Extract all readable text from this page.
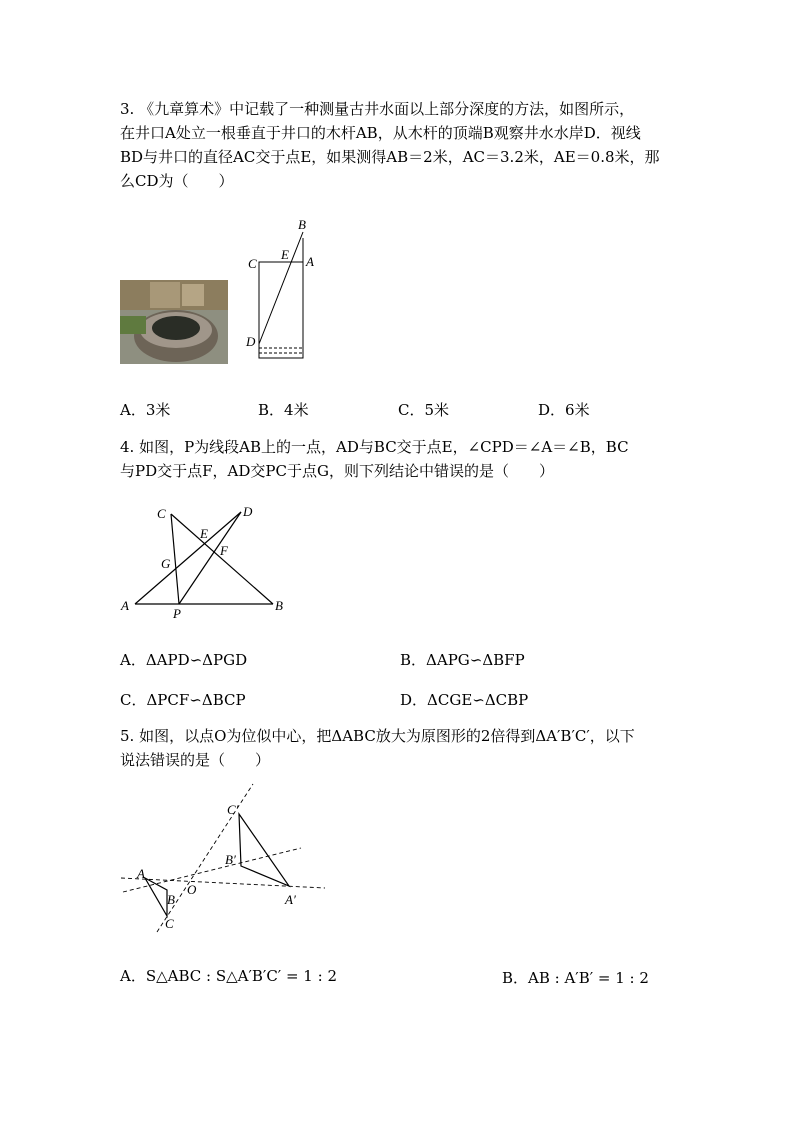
3. 《九章算术》中记载了一种测量古井水面以上部分深度的方法，如图所示，
在井口A处立一根垂直于井口的木杆AB，从木杆的顶端B观察井水水岸D．视线
BD与井口的直径AC交于点E，如果测得AB＝2米，AC＝3.2米，AE＝0.8米，那
么CD为（　　）
B
C
E A
D
A．3米	B．4米	C．5米	D．6米
4. 如图，P为线段AB上的一点，AD与BC交于点E，∠CPD＝∠A＝∠B，BC
与PD交于点F，AD交PC于点G，则下列结论中错误的是（　　）
C	D
E
F
G
A
P
B
A．ΔAPD∽ΔPGD	B．ΔAPG∽ΔBFP
C．ΔPCF∽ΔBCP	D．ΔCGE∽ΔCBP
5. 如图，以点O为位似中心，把ΔABC放大为原图形的2倍得到ΔA′B′C′，以下
说法错误的是（　　）
C′
B′
A
B
O
A′
C
A．S△ABC : S△A′B′C′ = 1 : 2	B．AB : A′B′ = 1 : 2
